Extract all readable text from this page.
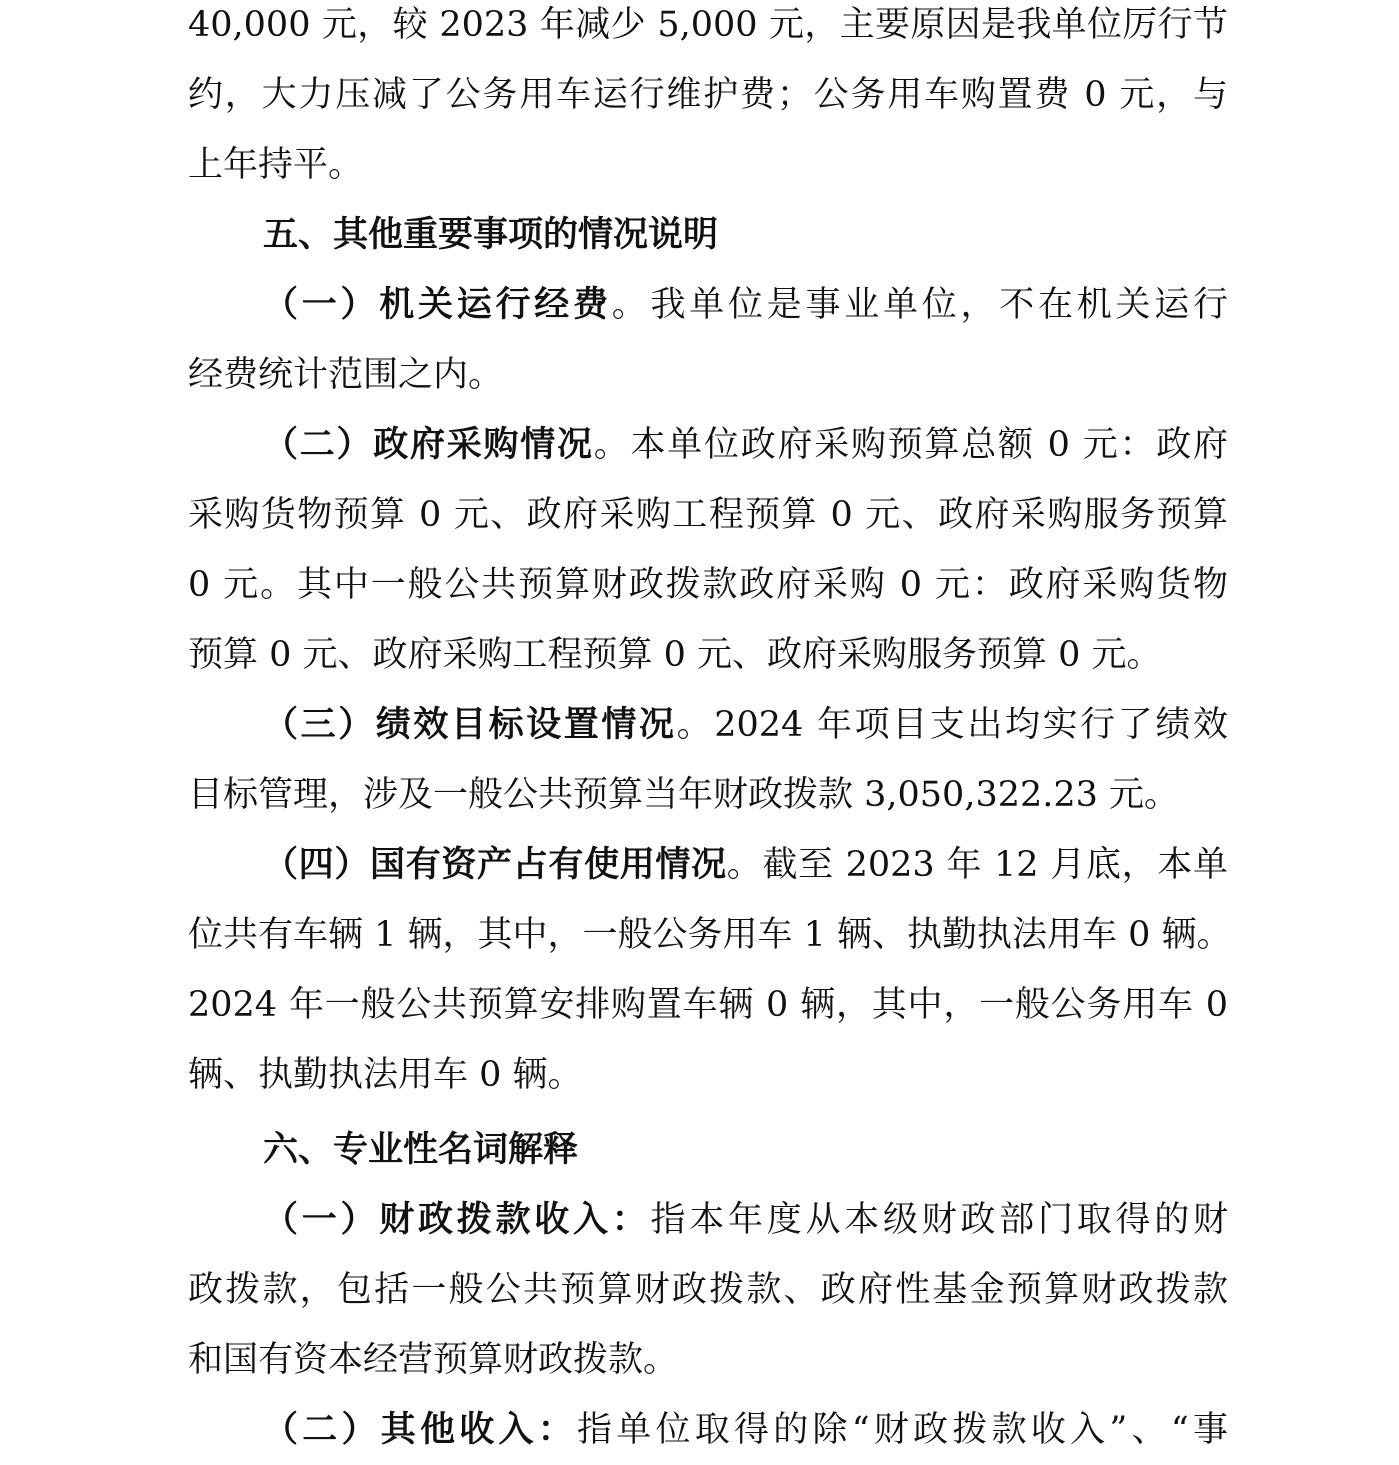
40,000 元，较 2023 年减少 5,000 元，主要原因是我单位厉行节
约，大力压减了公务用车运行维护费；公务用车购置费 0 元，与
上年持平。
五、其他重要事项的情况说明
（一）机关运行经费。我单位是事业单位，不在机关运行
经费统计范围之内。
（二）政府采购情况。本单位政府采购预算总额 0 元：政府
采购货物预算 0 元、政府采购工程预算 0 元、政府采购服务预算
0 元。其中一般公共预算财政拨款政府采购 0 元：政府采购货物
预算 0 元、政府采购工程预算 0 元、政府采购服务预算 0 元。
（三）绩效目标设置情况。2024 年项目支出均实行了绩效
目标管理，涉及一般公共预算当年财政拨款 3,050,322.23 元。
（四）国有资产占有使用情况。截至 2023 年 12 月底，本单
位共有车辆 1 辆，其中，一般公务用车 1 辆、执勤执法用车 0 辆。
2024 年一般公共预算安排购置车辆 0 辆，其中，一般公务用车 0
辆、执勤执法用车 0 辆。
六、专业性名词解释
（一）财政拨款收入：指本年度从本级财政部门取得的财
政拨款，包括一般公共预算财政拨款、政府性基金预算财政拨款
和国有资本经营预算财政拨款。
（二）其他收入：指单位取得的除“财政拨款收入”、“事
